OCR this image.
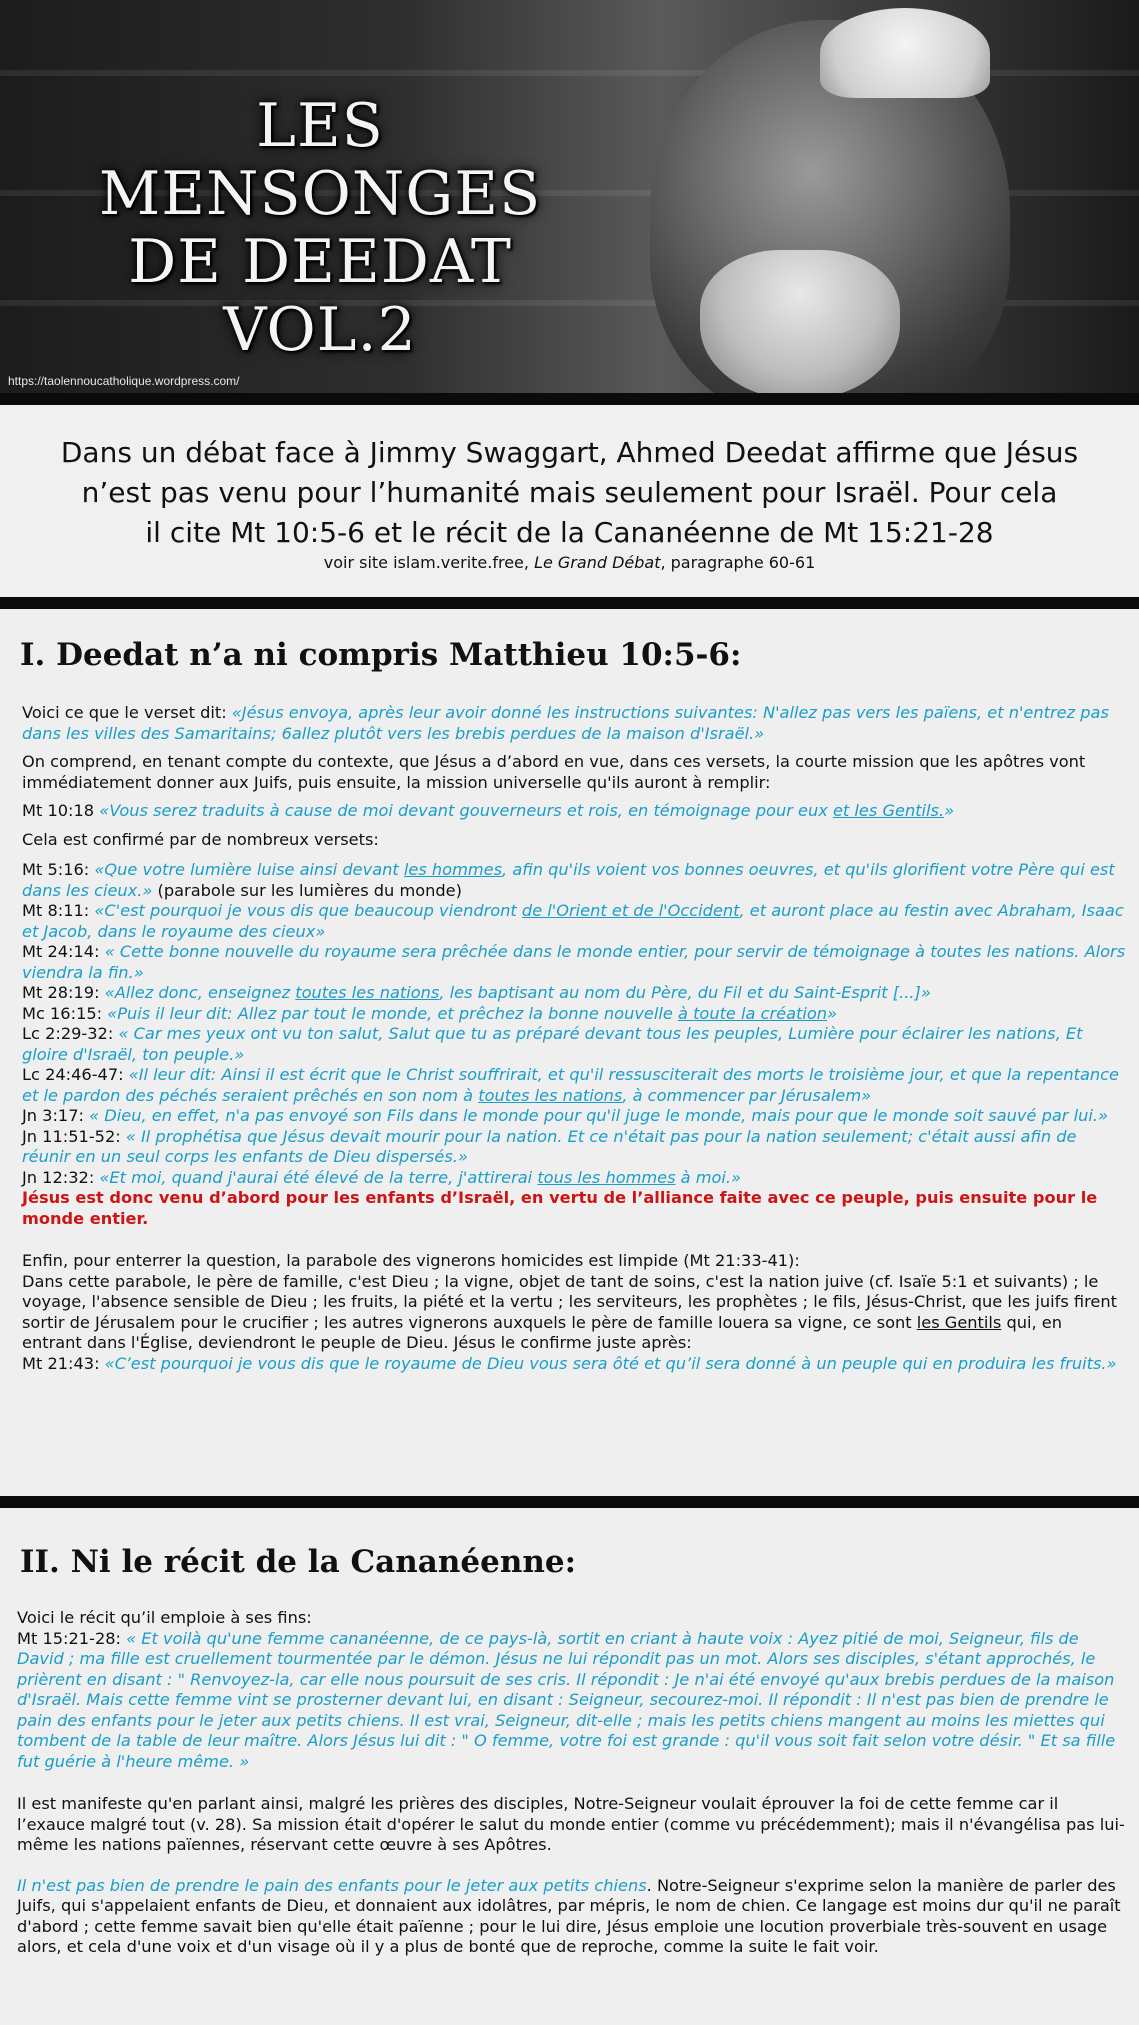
LES MENSONGES
DE DEEDAT
VOL.2
https://taolennoucatholique.wordpress.com/
Dans un débat face à Jimmy Swaggart, Ahmed Deedat affirme que Jésus
n’est pas venu pour l’humanité mais seulement pour Israël. Pour cela
il cite Mt 10:5-6 et le récit de la Cananéenne de Mt 15:21-28
voir site islam.verite.free, Le Grand Débat, paragraphe 60-61
I. Deedat n’a ni compris Matthieu 10:5-6:

Voici ce que le verset dit: «Jésus envoya, après leur avoir donné les instructions suivantes: N'allez pas vers les païens, et n'entrez pas dans les villes des Samaritains; 6allez plutôt vers les brebis perdues de la maison d'Israël.»

On comprend, en tenant compte du contexte, que Jésus a d’abord en vue, dans ces versets, la courte mission que les apôtres vont immédiatement donner aux Juifs, puis ensuite, la mission universelle qu'ils auront à remplir:

Mt 10:18 «Vous serez traduits à cause de moi devant gouverneurs et rois, en témoignage pour eux et les Gentils.»

Cela est confirmé par de nombreux versets:

Mt 5:16: «Que votre lumière luise ainsi devant les hommes, afin qu'ils voient vos bonnes oeuvres, et qu'ils glorifient votre Père qui est dans les cieux.» (parabole sur les lumières du monde)
Mt 8:11: «C'est pourquoi je vous dis que beaucoup viendront de l'Orient et de l'Occident, et auront place au festin avec Abraham, Isaac et Jacob, dans le royaume des cieux»
Mt 24:14: « Cette bonne nouvelle du royaume sera prêchée dans le monde entier, pour servir de témoignage à toutes les nations. Alors viendra la fin.»
Mt 28:19: «Allez donc, enseignez toutes les nations, les baptisant au nom du Père, du Fil et du Saint-Esprit [...]»
Mc 16:15: «Puis il leur dit: Allez par tout le monde, et prêchez la bonne nouvelle à toute la création»
Lc 2:29-32: « Car mes yeux ont vu ton salut, Salut que tu as préparé devant tous les peuples, Lumière pour éclairer les nations, Et gloire d'Israël, ton peuple.»
Lc 24:46-47: «Il leur dit: Ainsi il est écrit que le Christ souffrirait, et qu'il ressusciterait des morts le troisième jour, et que la repentance et le pardon des péchés seraient prêchés en son nom à toutes les nations, à commencer par Jérusalem»
Jn 3:17: « Dieu, en effet, n'a pas envoyé son Fils dans le monde pour qu'il juge le monde, mais pour que le monde soit sauvé par lui.»
Jn 11:51-52: « Il prophétisa que Jésus devait mourir pour la nation. Et ce n'était pas pour la nation seulement; c'était aussi afin de réunir en un seul corps les enfants de Dieu dispersés.»
Jn 12:32: «Et moi, quand j'aurai été élevé de la terre, j'attirerai tous les hommes à moi.»
Jésus est donc venu d’abord pour les enfants d’Israël, en vertu de l’alliance faite avec ce peuple, puis ensuite pour le monde entier.
Enfin, pour enterrer la question, la parabole des vignerons homicides est limpide (Mt 21:33-41):
Dans cette parabole, le père de famille, c'est Dieu ; la vigne, objet de tant de soins, c'est la nation juive (cf. Isaïe 5:1 et suivants) ; le voyage, l'absence sensible de Dieu ; les fruits, la piété et la vertu ; les serviteurs, les prophètes ; le fils, Jésus-Christ, que les juifs firent sortir de Jérusalem pour le crucifier ; les autres vignerons auxquels le père de famille louera sa vigne, ce sont les Gentils qui, en entrant dans l'Église, deviendront le peuple de Dieu. Jésus le confirme juste après:
Mt 21:43: «C’est pourquoi je vous dis que le royaume de Dieu vous sera ôté et qu’il sera donné à un peuple qui en produira les fruits.»
II. Ni le récit de la Cananéenne:
Voici le récit qu’il emploie à ses fins:
Mt 15:21-28: « Et voilà qu'une femme cananéenne, de ce pays-là, sortit en criant à haute voix : Ayez pitié de moi, Seigneur, fils de David ; ma fille est cruellement tourmentée par le démon. Jésus ne lui répondit pas un mot. Alors ses disciples, s'étant approchés, le prièrent en disant : " Renvoyez-la, car elle nous poursuit de ses cris. Il répondit : Je n'ai été envoyé qu'aux brebis perdues de la maison d'Israël. Mais cette femme vint se prosterner devant lui, en disant : Seigneur, secourez-moi. Il répondit : Il n'est pas bien de prendre le pain des enfants pour le jeter aux petits chiens. Il est vrai, Seigneur, dit-elle ; mais les petits chiens mangent au moins les miettes qui tombent de la table de leur maître. Alors Jésus lui dit : " O femme, votre foi est grande : qu'il vous soit fait selon votre désir. " Et sa fille fut guérie à l'heure même. »
Il est manifeste qu'en parlant ainsi, malgré les prières des disciples, Notre-Seigneur voulait éprouver la foi de cette femme car il l’exauce malgré tout (v. 28). Sa mission était d'opérer le salut du monde entier (comme vu précédemment); mais il n'évangélisa pas lui-même les nations païennes, réservant cette œuvre à ses Apôtres.
Il n'est pas bien de prendre le pain des enfants pour le jeter aux petits chiens. Notre-Seigneur s'exprime selon la manière de parler des Juifs, qui s'appelaient enfants de Dieu, et donnaient aux idolâtres, par mépris, le nom de chien. Ce langage est moins dur qu'il ne paraît d'abord ; cette femme savait bien qu'elle était païenne ; pour le lui dire, Jésus emploie une locution proverbiale très-souvent en usage alors, et cela d'une voix et d'un visage où il y a plus de bonté que de reproche, comme la suite le fait voir.
